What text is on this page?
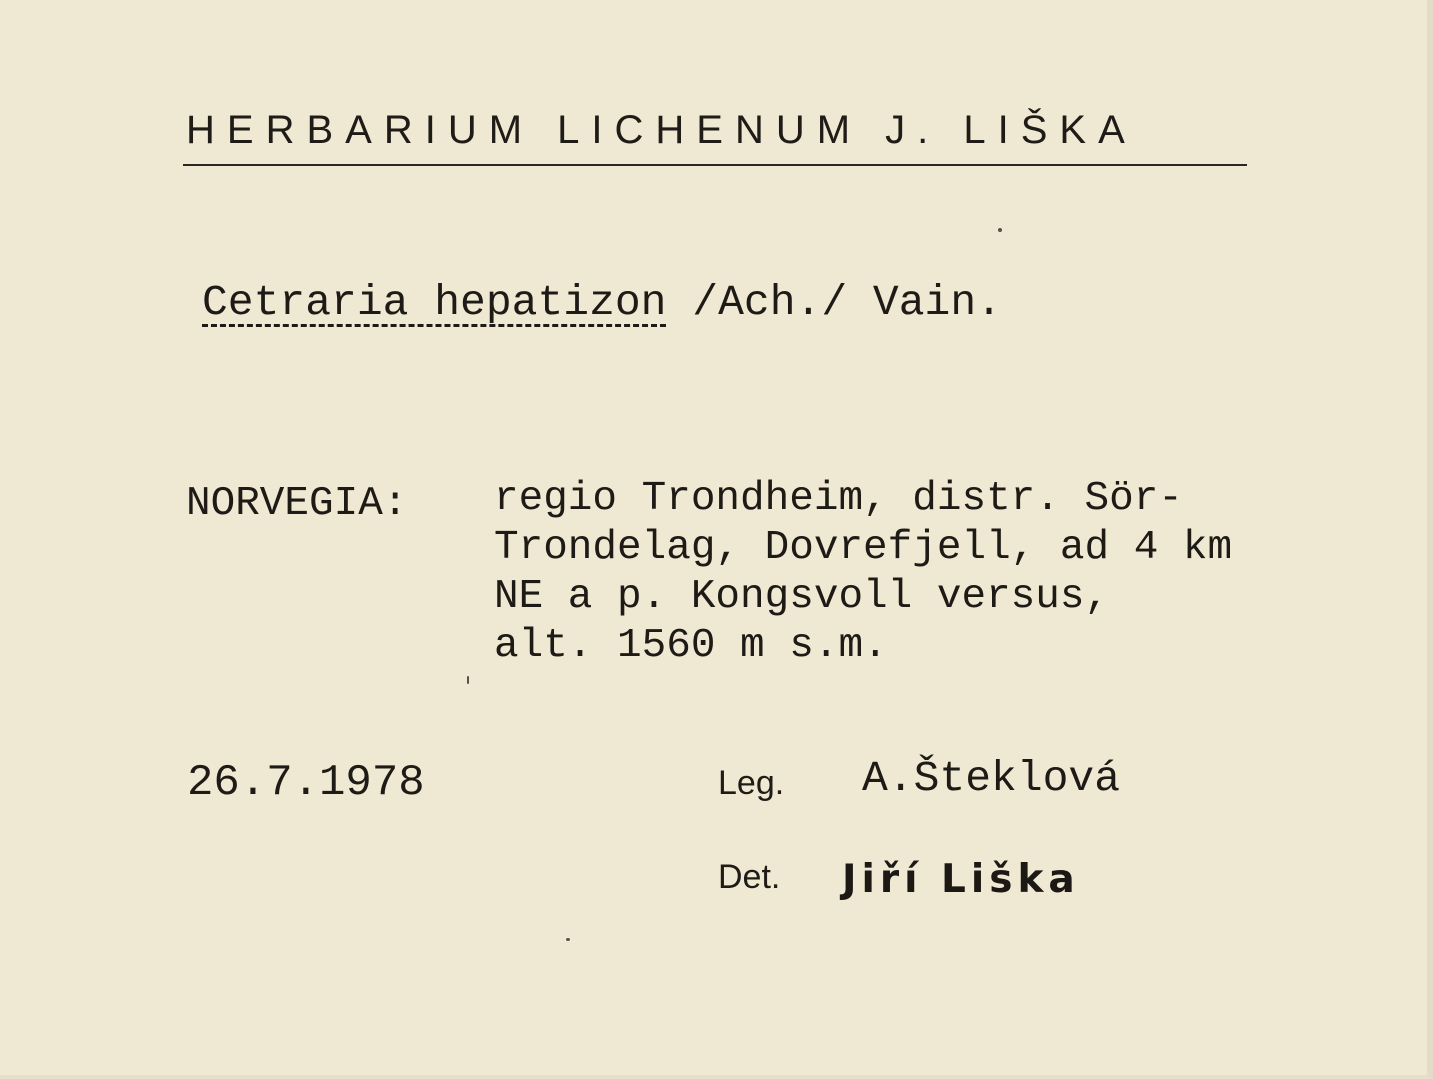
HERBARIUM LICHENUM J. LIŠKA
Cetraria hepatizon /Ach./ Vain.
NORVEGIA: regio Trondheim, distr. Sör-
Trondelag, Dovrefjell, ad 4 km
NE a p. Kongsvoll versus,
alt. 1560 m s.m.
26.7.1978	Leg. A.Šteklová
Det. Jiří Liška
